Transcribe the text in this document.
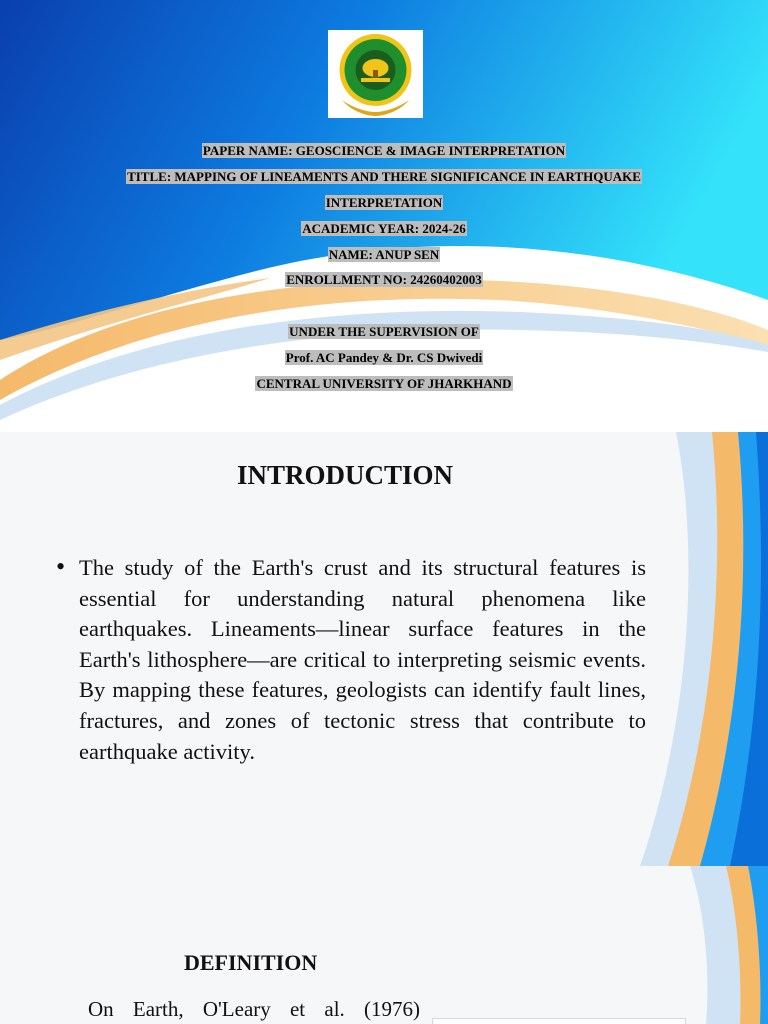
PAPER NAME: GEOSCIENCE & IMAGE INTERPRETATION
TITLE: MAPPING OF LINEAMENTS AND THERE SIGNIFICANCE IN EARTHQUAKE
INTERPRETATION
ACADEMIC YEAR: 2024-26
NAME: ANUP SEN
ENROLLMENT NO: 24260402003
UNDER THE SUPERVISION OF
Prof. AC Pandey & Dr. CS Dwivedi
CENTRAL UNIVERSITY OF JHARKHAND
INTRODUCTION
• The study of the Earth's crust and its structural features is essential for understanding natural phenomena like earthquakes. Lineaments—linear surface features in the Earth's lithosphere—are critical to interpreting seismic events. By mapping these features, geologists can identify fault lines, fractures, and zones of tectonic stress that contribute to earthquake activity.
DEFINITION
On Earth, O'Leary et al. (1976)
